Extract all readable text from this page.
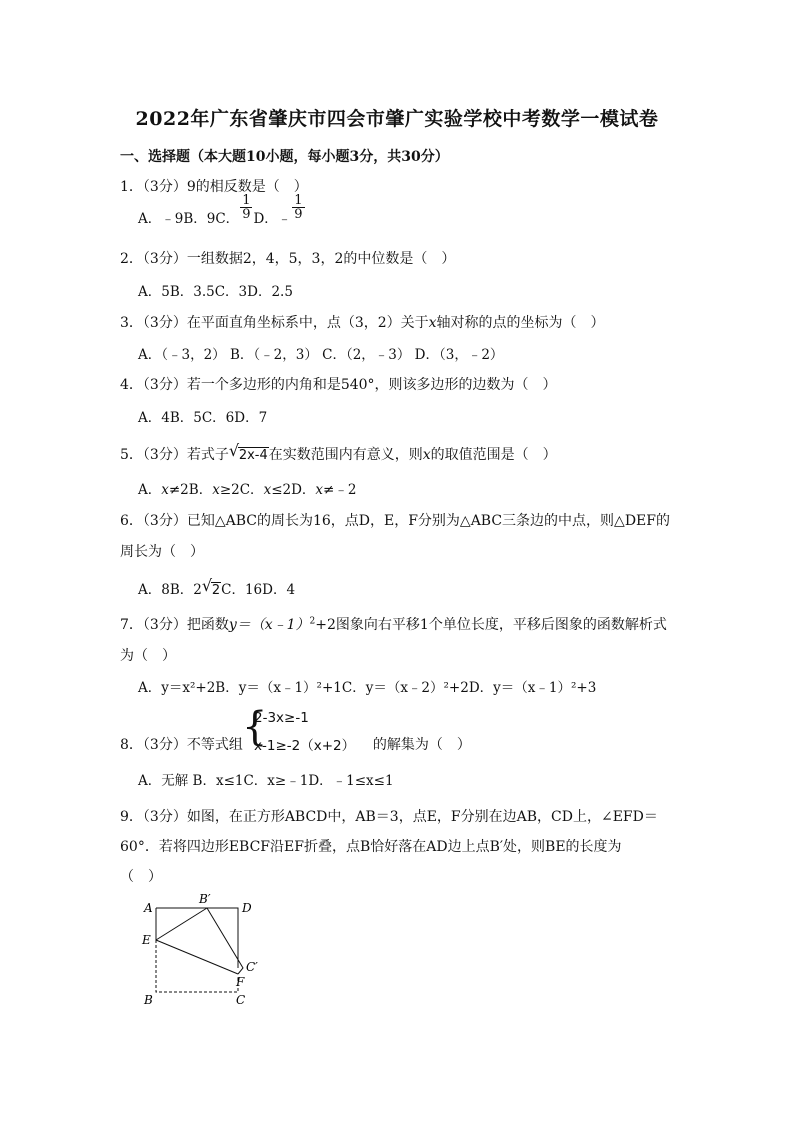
2022年广东省肇庆市四会市肇广实验学校中考数学一模试卷
一、选择题（本大题10小题，每小题3分，共30分）
1．（3分）9的相反数是（　）
A．﹣9B．9C． $\frac{1}{9}$ D．﹣ $\frac{1}{9}$
2．（3分）一组数据2，4，5，3，2的中位数是（　）
A．5B．3.5C．3D．2.5
3．（3分）在平面直角坐标系中，点（3，2）关于x轴对称的点的坐标为（　）
A．（﹣3，2） B．（﹣2，3） C．（2，﹣3） D．（3，﹣2）
4．（3分）若一个多边形的内角和是540°，则该多边形的边数为（　）
A．4B．5C．6D．7
5．（3分）若式子 √ 2x-4在实数范围内有意义，则x的取值范围是（　）
A．x≠2B．x≥2C．x≤2D．x≠﹣2
6．（3分）已知△ABC的周长为16，点D，E，F分别为△ABC三条边的中点，则△DEF的
周长为（　）
A．8B．2 √ 2C．16D．4
7．（3分）把函数y＝（x﹣1）$^2$+2图象向右平移1个单位长度，平移后图象的函数解析式
为（　）
A．y＝x²+2B．y＝（x﹣1）²+1C．y＝（x﹣2）²+2D．y＝（x﹣1）²+3
8．（3分）不等式组	的解集为（　）
{
2-3x≥-1
x-1≥-2（x+2）
A．无解 B．x≤1C．x≥﹣1D．﹣1≤x≤1
9．（3分）如图，在正方形ABCD中，AB＝3，点E，F分别在边AB，CD上，∠EFD＝
60°．若将四边形EBCF沿EF折叠，点B恰好落在AD边上点B′处，则BE的长度为
（　）
A
B′
D
E
C′
F
B	C
